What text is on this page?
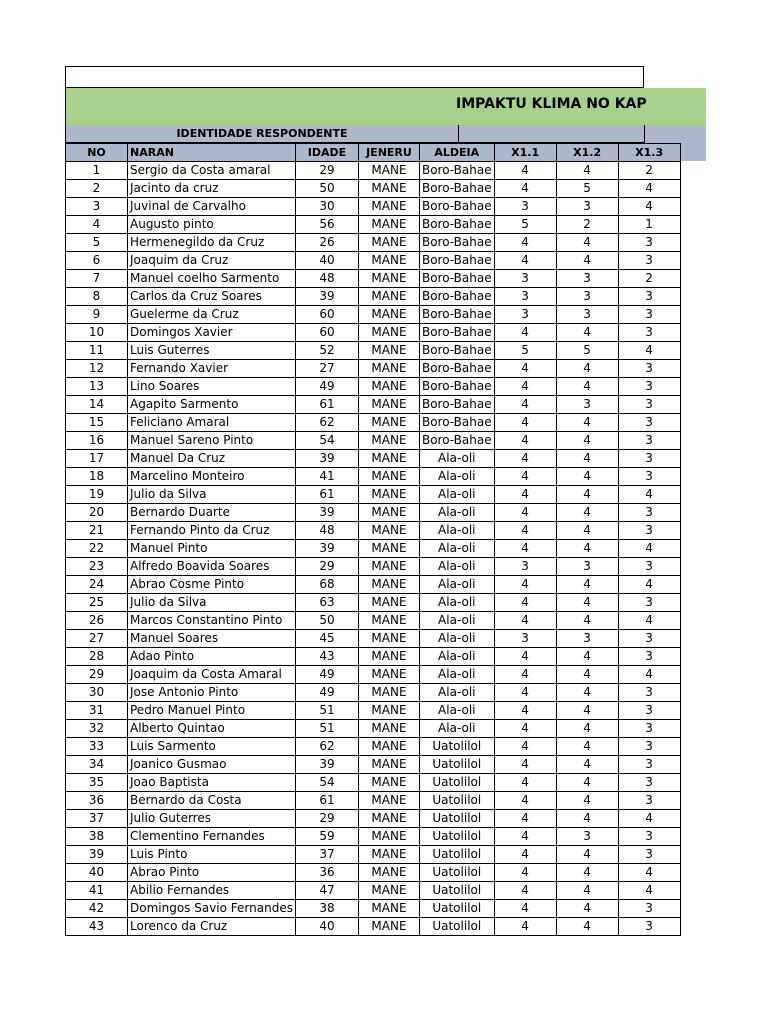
IMPAKTU KLIMA NO KAP
IDENTIDADE RESPONDENTE
NO	NARAN	IDADE	JENERU	ALDEIA	X1.1	X1.2	X1.3
1	Sergio da Costa amaral	29	MANE	Boro-Bahae	4	4	2
2	Jacinto da cruz	50	MANE	Boro-Bahae	4	5	4
3	Juvinal de Carvalho	30	MANE	Boro-Bahae	3	3	4
4	Augusto pinto	56	MANE	Boro-Bahae	5	2	1
5	Hermenegildo da Cruz	26	MANE	Boro-Bahae	4	4	3
6	Joaquim da Cruz	40	MANE	Boro-Bahae	4	4	3
7	Manuel coelho Sarmento	48	MANE	Boro-Bahae	3	3	2
8	Carlos da Cruz Soares	39	MANE	Boro-Bahae	3	3	3
9	Guelerme da Cruz	60	MANE	Boro-Bahae	3	3	3
10	Domingos Xavier	60	MANE	Boro-Bahae	4	4	3
11	Luis Guterres	52	MANE	Boro-Bahae	5	5	4
12	Fernando Xavier	27	MANE	Boro-Bahae	4	4	3
13	Lino Soares	49	MANE	Boro-Bahae	4	4	3
14	Agapito Sarmento	61	MANE	Boro-Bahae	4	3	3
15	Feliciano Amaral	62	MANE	Boro-Bahae	4	4	3
16	Manuel Sareno Pinto	54	MANE	Boro-Bahae	4	4	3
17	Manuel Da Cruz	39	MANE	Ala-oli	4	4	3
18	Marcelino Monteiro	41	MANE	Ala-oli	4	4	3
19	Julio da Silva	61	MANE	Ala-oli	4	4	4
20	Bernardo Duarte	39	MANE	Ala-oli	4	4	3
21	Fernando Pinto da Cruz	48	MANE	Ala-oli	4	4	3
22	Manuel Pinto	39	MANE	Ala-oli	4	4	4
23	Alfredo Boavida Soares	29	MANE	Ala-oli	3	3	3
24	Abrao Cosme Pinto	68	MANE	Ala-oli	4	4	4
25	Julio da Silva	63	MANE	Ala-oli	4	4	3
26	Marcos Constantino Pinto	50	MANE	Ala-oli	4	4	4
27	Manuel Soares	45	MANE	Ala-oli	3	3	3
28	Adao Pinto	43	MANE	Ala-oli	4	4	3
29	Joaquim da Costa Amaral	49	MANE	Ala-oli	4	4	4
30	Jose Antonio Pinto	49	MANE	Ala-oli	4	4	3
31	Pedro Manuel Pinto	51	MANE	Ala-oli	4	4	3
32	Alberto Quintao	51	MANE	Ala-oli	4	4	3
33	Luis Sarmento	62	MANE	Uatolilol	4	4	3
34	Joanico Gusmao	39	MANE	Uatolilol	4	4	3
35	Joao Baptista	54	MANE	Uatolilol	4	4	3
36	Bernardo da Costa	61	MANE	Uatolilol	4	4	3
37	Julio Guterres	29	MANE	Uatolilol	4	4	4
38	Clementino Fernandes	59	MANE	Uatolilol	4	3	3
39	Luis Pinto	37	MANE	Uatolilol	4	4	3
40	Abrao Pinto	36	MANE	Uatolilol	4	4	4
41	Abilio Fernandes	47	MANE	Uatolilol	4	4	4
42	Domingos Savio Fernandes	38	MANE	Uatolilol	4	4	3
43	Lorenco da Cruz	40	MANE	Uatolilol	4	4	3
